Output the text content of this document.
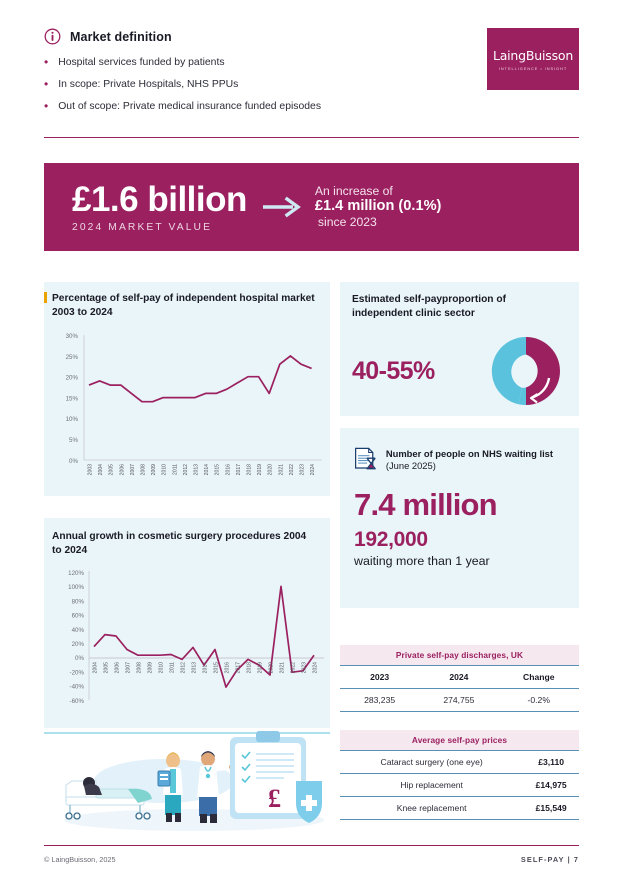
Market definition
• Hospital services funded by patients
• In scope: Private Hospitals, NHS PPUs
• Out of scope: Private medical insurance funded episodes
LaingBuisson
INTELLIGENCE • INSIGHT
£1.6 billion
2024 MARKET VALUE
An increase of
£1.4 million (0.1%)
since 2023
Percentage of self-pay of independent hospital market 2003 to 2024
30%
25%
20%
15%
10%
5%
0%
2003 2004 2005 2006 2007 2008 2009 2010 2011 2012 2013 2014 2015 2016 2017 2018 2019 2020 2021 2022 2023 2024
Estimated self-payproportion of independent clinic sector
40-55%
Number of people on NHS waiting list (June 2025)
7.4 million
192,000
waiting more than 1 year
Annual growth in cosmetic surgery procedures 2004 to 2024
120%
100%
80%
60%
40%
20%
0%
-20%
-40%
-60%
2004 2005 2006 2007 2008 2009 2010 2011 2012 2013 2014 2015 2016 2017 2018 2019 2020 2021 2022 2023 2024
£
Private self-pay discharges, UK		
2023	2024	Change
283,235	274,755	-0.2%
Average self-pay prices	
Cataract surgery (one eye)	£3,110
Hip replacement	£14,975
Knee replacement	£15,549
© LaingBuisson, 2025	SELF-PAY | 7
